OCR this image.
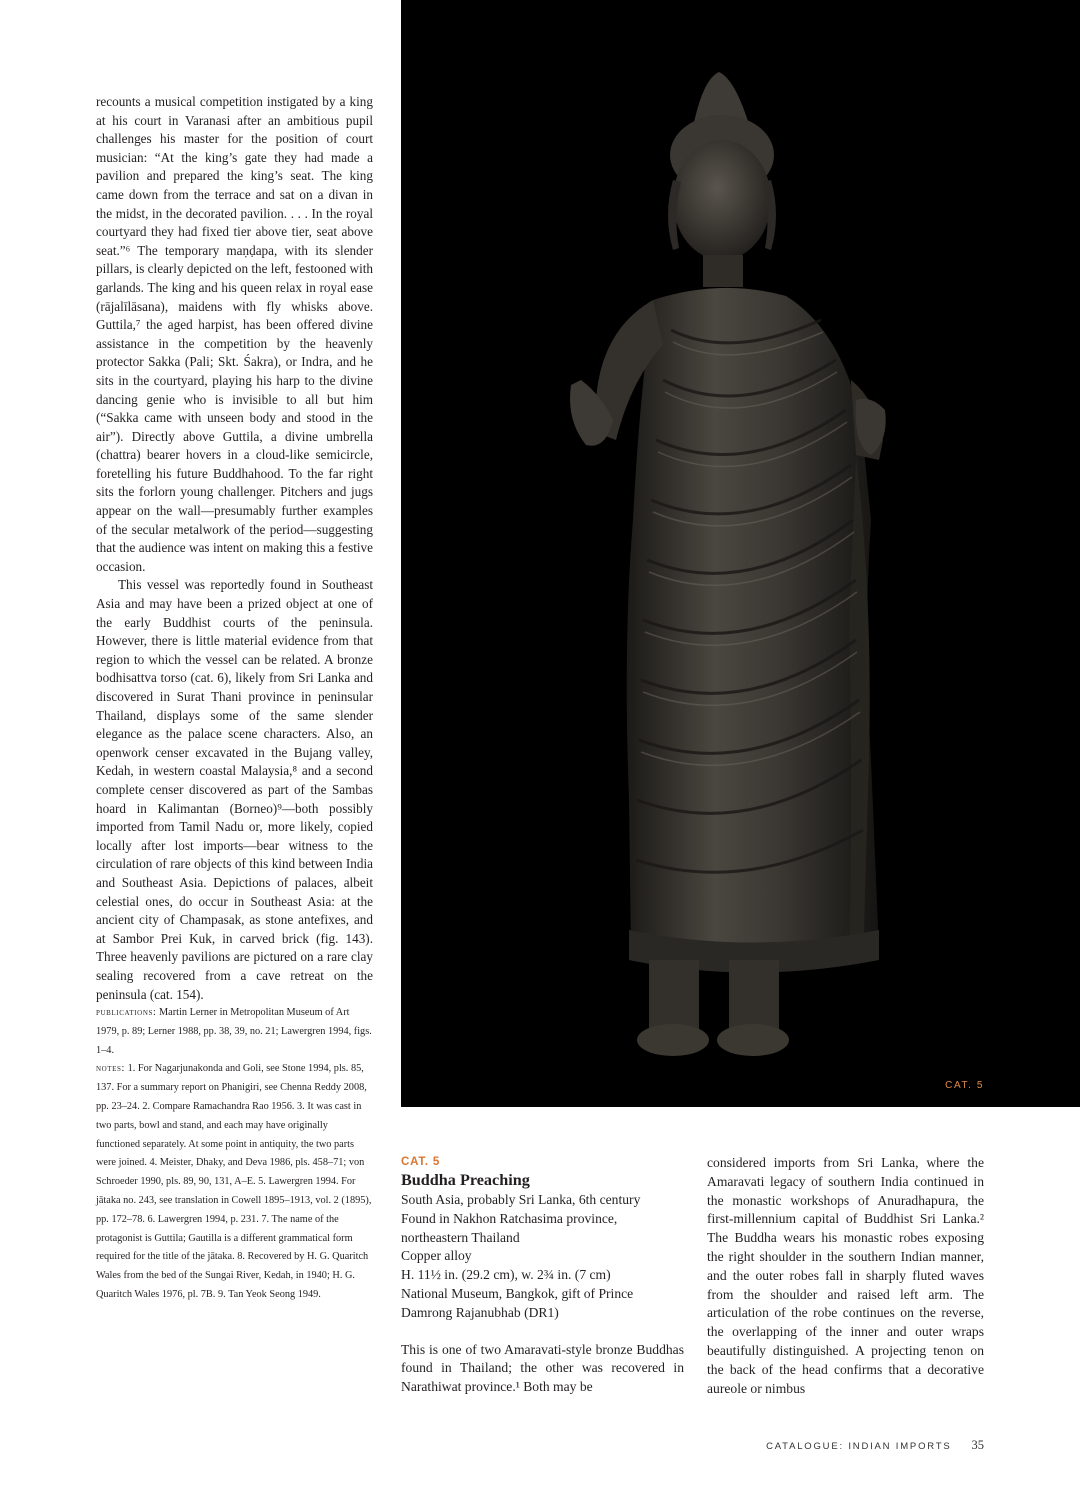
recounts a musical competition instigated by a king at his court in Varanasi after an ambitious pupil challenges his master for the position of court musician: “At the king’s gate they had made a pavilion and prepared the king’s seat. The king came down from the terrace and sat on a divan in the midst, in the decorated pavilion. . . . In the royal courtyard they had fixed tier above tier, seat above seat.”⁶ The temporary maṇḍapa, with its slender pillars, is clearly depicted on the left, festooned with garlands. The king and his queen relax in royal ease (rājalīlāsana), maidens with fly whisks above. Guttila,⁷ the aged harpist, has been offered divine assistance in the competition by the heavenly protector Sakka (Pali; Skt. Śakra), or Indra, and he sits in the courtyard, playing his harp to the divine dancing genie who is invisible to all but him (“Sakka came with unseen body and stood in the air”). Directly above Guttila, a divine umbrella (chattra) bearer hovers in a cloud-like semicircle, foretelling his future Buddhahood. To the far right sits the forlorn young challenger. Pitchers and jugs appear on the wall—presumably further examples of the secular metalwork of the period—suggesting that the audience was intent on making this a festive occasion.

This vessel was reportedly found in Southeast Asia and may have been a prized object at one of the early Buddhist courts of the peninsula. However, there is little material evidence from that region to which the vessel can be related. A bronze bodhisattva torso (cat. 6), likely from Sri Lanka and discovered in Surat Thani province in peninsular Thailand, displays some of the same slender elegance as the palace scene characters. Also, an openwork censer excavated in the Bujang valley, Kedah, in western coastal Malaysia,⁸ and a second complete censer discovered as part of the Sambas hoard in Kalimantan (Borneo)⁹—both possibly imported from Tamil Nadu or, more likely, copied locally after lost imports—bear witness to the circulation of rare objects of this kind between India and Southeast Asia. Depictions of palaces, albeit celestial ones, do occur in Southeast Asia: at the ancient city of Champasak, as stone antefixes, and at Sambor Prei Kuk, in carved brick (fig. 143). Three heavenly pavilions are pictured on a rare clay sealing recovered from a cave retreat on the peninsula (cat. 154).

publications: Martin Lerner in Metropolitan Museum of Art 1979, p. 89; Lerner 1988, pp. 38, 39, no. 21; Lawergren 1994, figs. 1–4.

notes: 1. For Nagarjunakonda and Goli, see Stone 1994, pls. 85, 137. For a summary report on Phanigiri, see Chenna Reddy 2008, pp. 23–24. 2. Compare Ramachandra Rao 1956. 3. It was cast in two parts, bowl and stand, and each may have originally functioned separately. At some point in antiquity, the two parts were joined. 4. Meister, Dhaky, and Deva 1986, pls. 458–71; von Schroeder 1990, pls. 89, 90, 131, A–E. 5. Lawergren 1994. For jātaka no. 243, see translation in Cowell 1895–1913, vol. 2 (1895), pp. 172–78. 6. Lawergren 1994, p. 231. 7. The name of the protagonist is Guttila; Gautilla is a different grammatical form required for the title of the jātaka. 8. Recovered by H. G. Quaritch Wales from the bed of the Sungai River, Kedah, in 1940; H. G. Quaritch Wales 1976, pl. 7B. 9. Tan Yeok Seong 1949.

CAT. 5
CAT. 5
Buddha Preaching
South Asia, probably Sri Lanka, 6th century
Found in Nakhon Ratchasima province,
northeastern Thailand
Copper alloy
H. 11½ in. (29.2 cm), w. 2¾ in. (7 cm)
National Museum, Bangkok, gift of Prince
Damrong Rajanubhab (DR1)
This is one of two Amaravati-style bronze Buddhas found in Thailand; the other was recovered in Narathiwat province.¹ Both may be
considered imports from Sri Lanka, where the Amaravati legacy of southern India continued in the monastic workshops of Anuradhapura, the first-millennium capital of Buddhist Sri Lanka.² The Buddha wears his monastic robes exposing the right shoulder in the southern Indian manner, and the outer robes fall in sharply fluted waves from the shoulder and raised left arm. The articulation of the robe continues on the reverse, the overlapping of the inner and outer wraps beautifully distinguished. A projecting tenon on the back of the head confirms that a decorative aureole or nimbus
CATALOGUE: INDIAN IMPORTS 35
